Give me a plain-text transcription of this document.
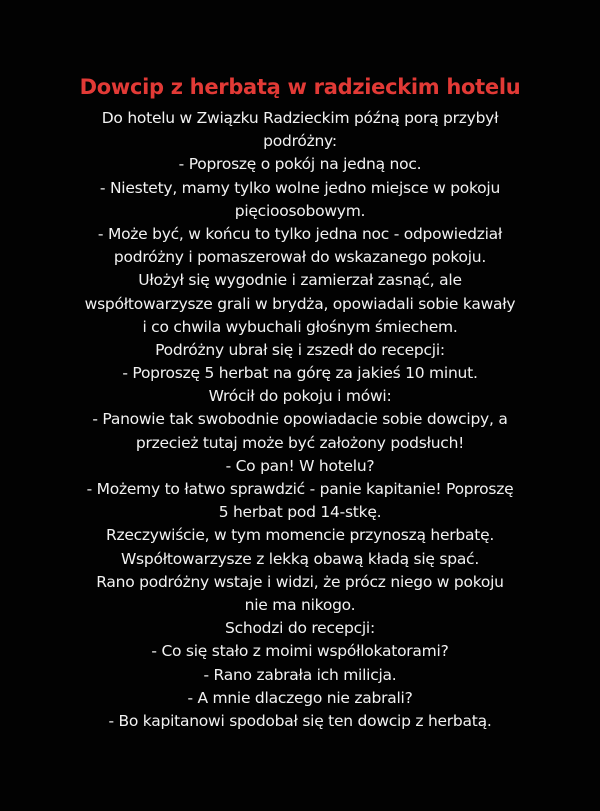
Dowcip z herbatą w radzieckim hotelu
Do hotelu w Związku Radzieckim późną porą przybył
podróżny:
- Poproszę o pokój na jedną noc.
- Niestety, mamy tylko wolne jedno miejsce w pokoju
pięcioosobowym.
- Może być, w końcu to tylko jedna noc - odpowiedział
podróżny i pomaszerował do wskazanego pokoju.
Ułożył się wygodnie i zamierzał zasnąć, ale
współtowarzysze grali w brydża, opowiadali sobie kawały
i co chwila wybuchali głośnym śmiechem.
Podróżny ubrał się i zszedł do recepcji:
- Poproszę 5 herbat na górę za jakieś 10 minut.
Wrócił do pokoju i mówi:
- Panowie tak swobodnie opowiadacie sobie dowcipy, a
przecież tutaj może być założony podsłuch!
- Co pan! W hotelu?
- Możemy to łatwo sprawdzić - panie kapitanie! Poproszę
5 herbat pod 14-stkę.
Rzeczywiście, w tym momencie przynoszą herbatę.
Współtowarzysze z lekką obawą kładą się spać.
Rano podróżny wstaje i widzi, że prócz niego w pokoju
nie ma nikogo.
Schodzi do recepcji:
- Co się stało z moimi współlokatorami?
- Rano zabrała ich milicja.
- A mnie dlaczego nie zabrali?
- Bo kapitanowi spodobał się ten dowcip z herbatą.
